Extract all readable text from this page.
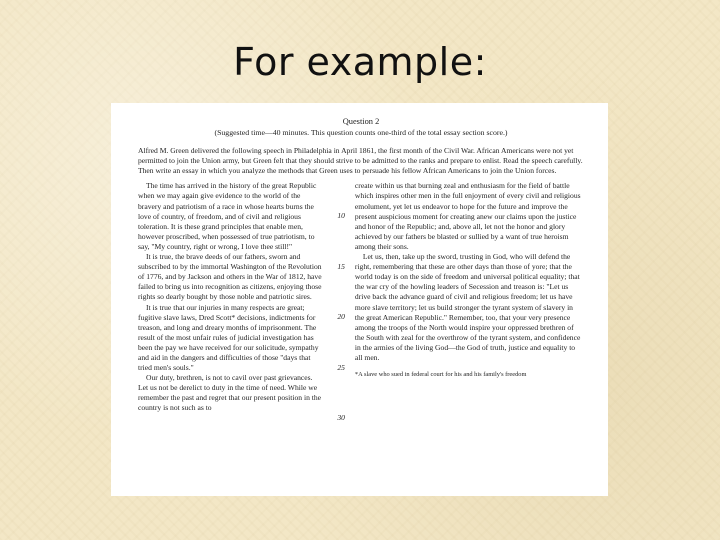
For example:

Question 2

(Suggested time—40 minutes. This question counts one-third of the total essay section score.)

Alfred M. Green delivered the following speech in Philadelphia in April 1861, the first month of the Civil War. African Americans were not yet permitted to join the Union army, but Green felt that they should strive to be admitted to the ranks and prepare to enlist. Read the speech carefully. Then write an essay in which you analyze the methods that Green uses to persuade his fellow African Americans to join the Union forces.

The time has arrived in the history of the great Republic when we may again give evidence to the world of the bravery and patriotism of a race in whose hearts burns the love of country, of freedom, and of civil and religious toleration. It is these grand principles that enable men, however proscribed, when possessed of true patriotism, to say, "My country, right or wrong, I love thee still!"

It is true, the brave deeds of our fathers, sworn and subscribed to by the immortal Washington of the Revolution of 1776, and by Jackson and others in the War of 1812, have failed to bring us into recognition as citizens, enjoying those rights so dearly bought by those noble and patriotic sires.

It is true that our injuries in many respects are great; fugitive slave laws, Dred Scott* decisions, indictments for treason, and long and dreary months of imprisonment. The result of the most unfair rules of judicial investigation has been the pay we have received for our solicitude, sympathy and aid in the dangers and difficulties of those "days that tried men's souls."

Our duty, brethren, is not to cavil over past grievances. Let us not be derelict to duty in the time of need. While we remember the past and regret that our present position in the country is not such as to

10
15
20
25
30

create within us that burning zeal and enthusiasm for the field of battle which inspires other men in the full enjoyment of every civil and religious emolument, yet let us endeavor to hope for the future and improve the present auspicious moment for creating anew our claims upon the justice and honor of the Republic; and, above all, let not the honor and glory achieved by our fathers be blasted or sullied by a want of true heroism among their sons.

Let us, then, take up the sword, trusting in God, who will defend the right, remembering that these are other days than those of yore; that the world today is on the side of freedom and universal political equality; that the war cry of the howling leaders of Secession and treason is: "Let us drive back the advance guard of civil and religious freedom; let us have more slave territory; let us build stronger the tyrant system of slavery in the great American Republic." Remember, too, that your very presence among the troops of the North would inspire your oppressed brethren of the South with zeal for the overthrow of the tyrant system, and confidence in the armies of the living God—the God of truth, justice and equality to all men.

*A slave who sued in federal court for his and his family's freedom
